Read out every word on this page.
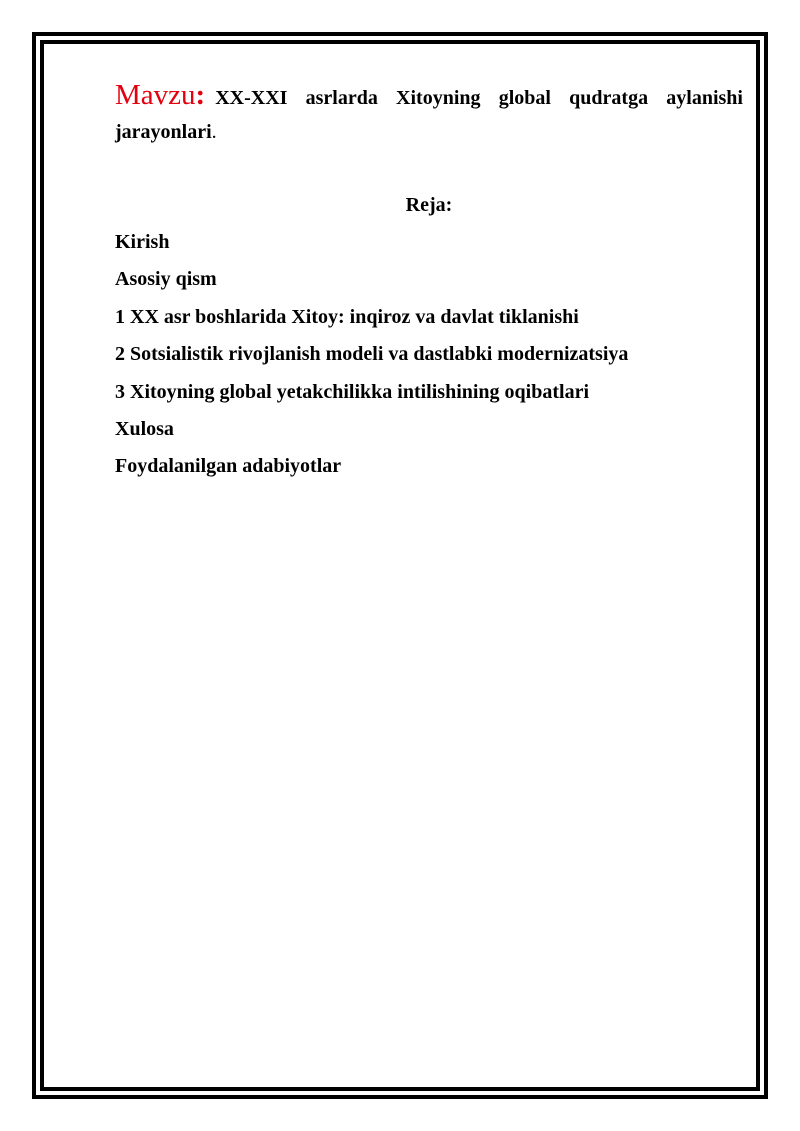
Mavzu: XX-XXI asrlarda Xitoyning global qudratga aylanishi jarayonlari.

Reja:

Kirish
Asosiy qism
1 XX asr boshlarida Xitoy: inqiroz va davlat tiklanishi
2 Sotsialistik rivojlanish modeli va dastlabki modernizatsiya
3 Xitoyning global yetakchilikka intilishining oqibatlari
Xulosa
Foydalanilgan adabiyotlar
